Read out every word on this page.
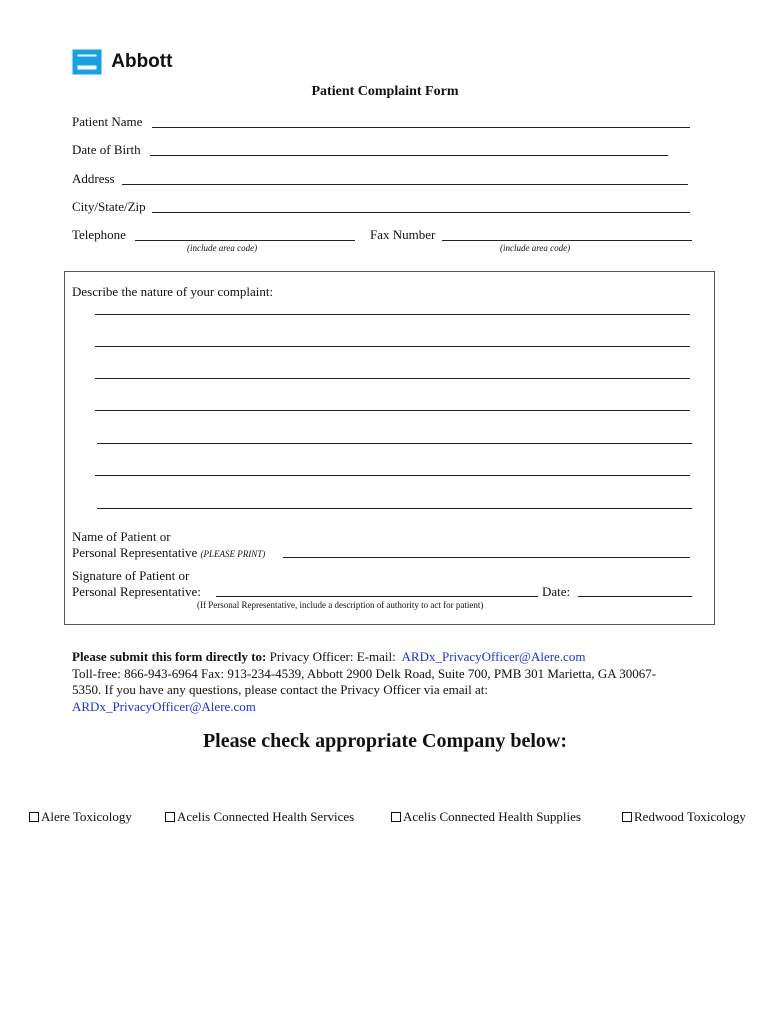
Abbott
Patient Complaint Form
Patient Name
Date of Birth
Address
City/State/Zip
Telephone
(include area code)
Fax Number
(include area code)
Describe the nature of your complaint:
Name of Patient or
Personal Representative (PLEASE PRINT)
Signature of Patient or
Personal Representative:	Date:
(If Personal Representative, include a description of authority to act for patient)
Please submit this form directly to: Privacy Officer: E-mail:  ARDx_PrivacyOfficer@Alere.com
Toll-free: 866-943-6964 Fax: 913-234-4539, Abbott 2900 Delk Road, Suite 700, PMB 301 Marietta, GA 30067-
5350. If you have any questions, please contact the Privacy Officer via email at:
ARDx_PrivacyOfficer@Alere.com
Please check appropriate Company below:
Alere Toxicology	Acelis Connected Health Services	Acelis Connected Health Supplies	Redwood Toxicology
